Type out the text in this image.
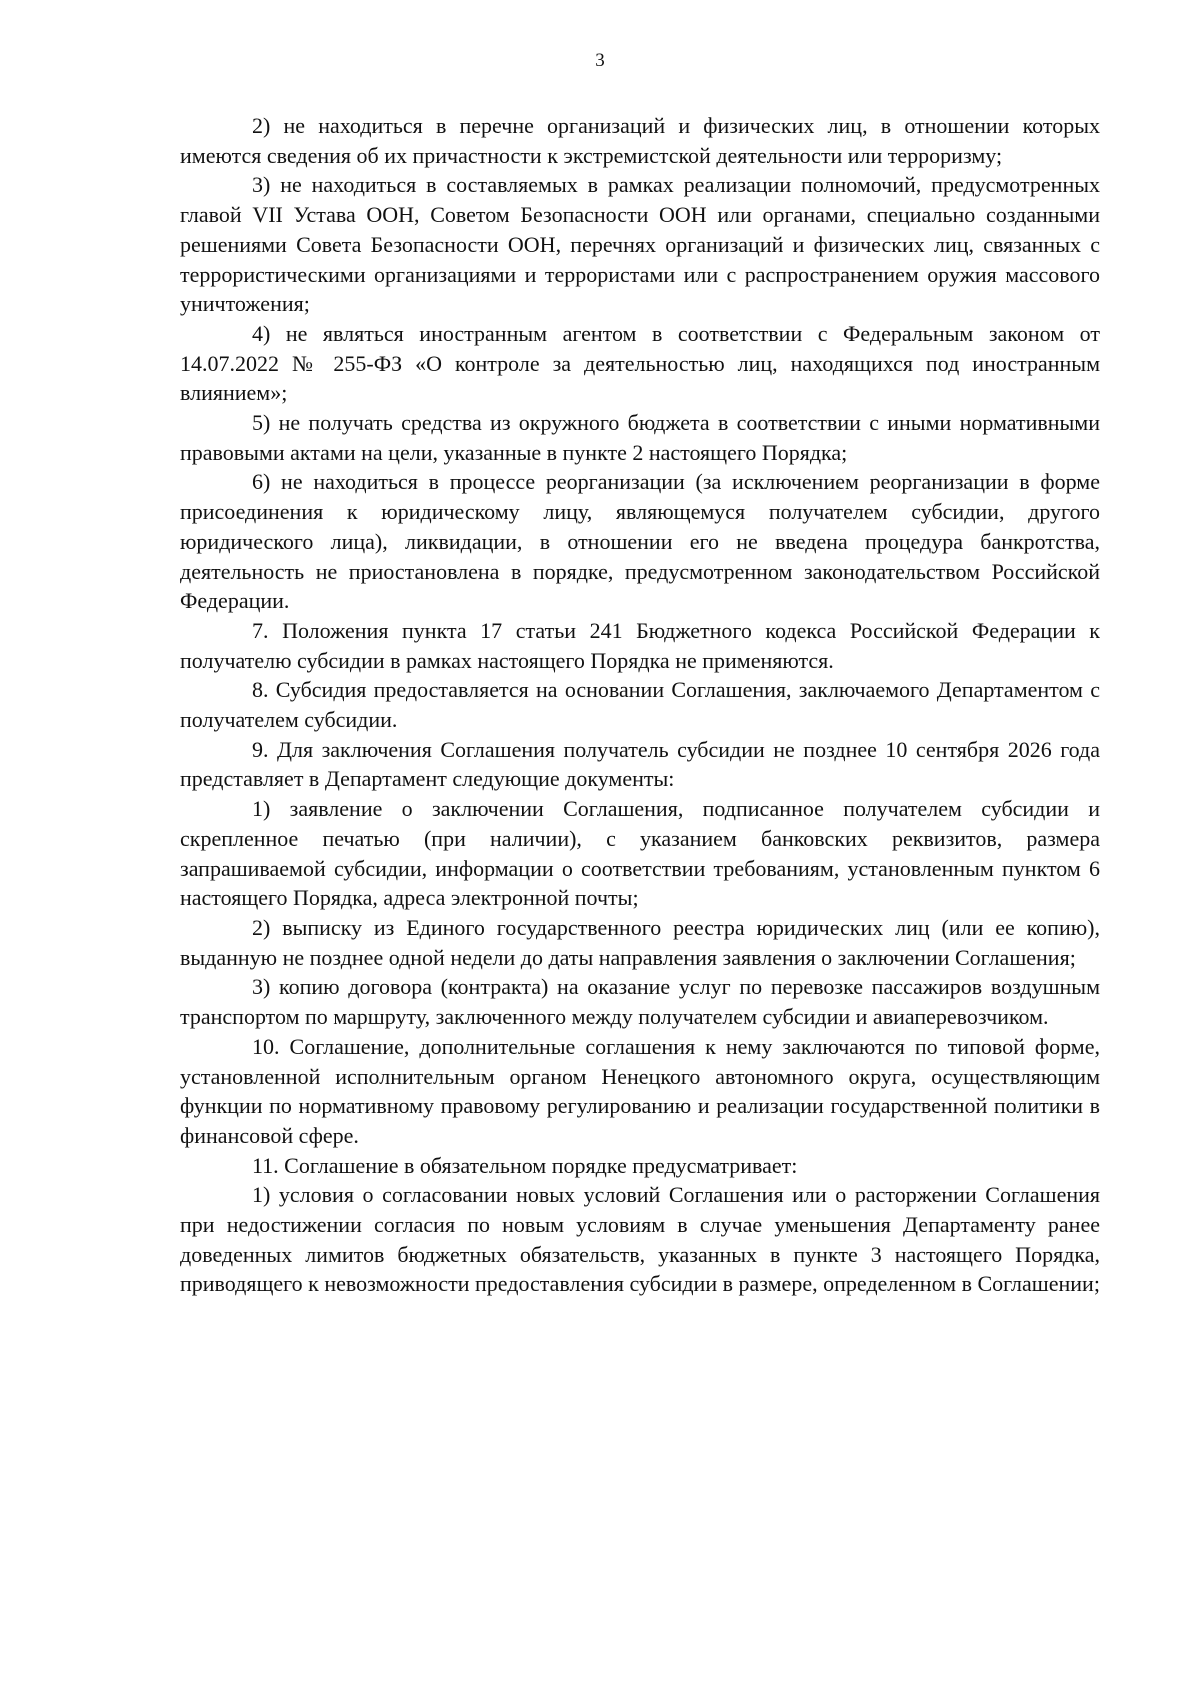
3

2) не находиться в перечне организаций и физических лиц, в отношении которых имеются сведения об их причастности к экстремистской деятельности или терроризму;

3) не находиться в составляемых в рамках реализации полномочий, предусмотренных главой VII Устава ООН, Советом Безопасности ООН или органами, специально созданными решениями Совета Безопасности ООН, перечнях организаций и физических лиц, связанных с террористическими организациями и террористами или с распространением оружия массового уничтожения;

4) не являться иностранным агентом в соответствии с Федеральным законом от 14.07.2022 № 255-ФЗ «О контроле за деятельностью лиц, находящихся под иностранным влиянием»;

5) не получать средства из окружного бюджета в соответствии с иными нормативными правовыми актами на цели, указанные в пункте 2 настоящего Порядка;

6) не находиться в процессе реорганизации (за исключением реорганизации в форме присоединения к юридическому лицу, являющемуся получателем субсидии, другого юридического лица), ликвидации, в отношении его не введена процедура банкротства, деятельность не приостановлена в порядке, предусмотренном законодательством Российской Федерации.

7. Положения пункта 17 статьи 241 Бюджетного кодекса Российской Федерации к получателю субсидии в рамках настоящего Порядка не применяются.

8. Субсидия предоставляется на основании Соглашения, заключаемого Департаментом с получателем субсидии.

9. Для заключения Соглашения получатель субсидии не позднее 10 сентября 2026 года представляет в Департамент следующие документы:

1) заявление о заключении Соглашения, подписанное получателем субсидии и скрепленное печатью (при наличии), с указанием банковских реквизитов, размера запрашиваемой субсидии, информации о соответствии требованиям, установленным пунктом 6 настоящего Порядка, адреса электронной почты;

2) выписку из Единого государственного реестра юридических лиц (или ее копию), выданную не позднее одной недели до даты направления заявления о заключении Соглашения;

3) копию договора (контракта) на оказание услуг по перевозке пассажиров воздушным транспортом по маршруту, заключенного между получателем субсидии и авиаперевозчиком.

10. Соглашение, дополнительные соглашения к нему заключаются по типовой форме, установленной исполнительным органом Ненецкого автономного округа, осуществляющим функции по нормативному правовому регулированию и реализации государственной политики в финансовой сфере.

11. Соглашение в обязательном порядке предусматривает:

1) условия о согласовании новых условий Соглашения или о расторжении Соглашения при недостижении согласия по новым условиям в случае уменьшения Департаменту ранее доведенных лимитов бюджетных обязательств, указанных в пункте 3 настоящего Порядка, приводящего к невозможности предоставления субсидии в размере, определенном в Соглашении;
